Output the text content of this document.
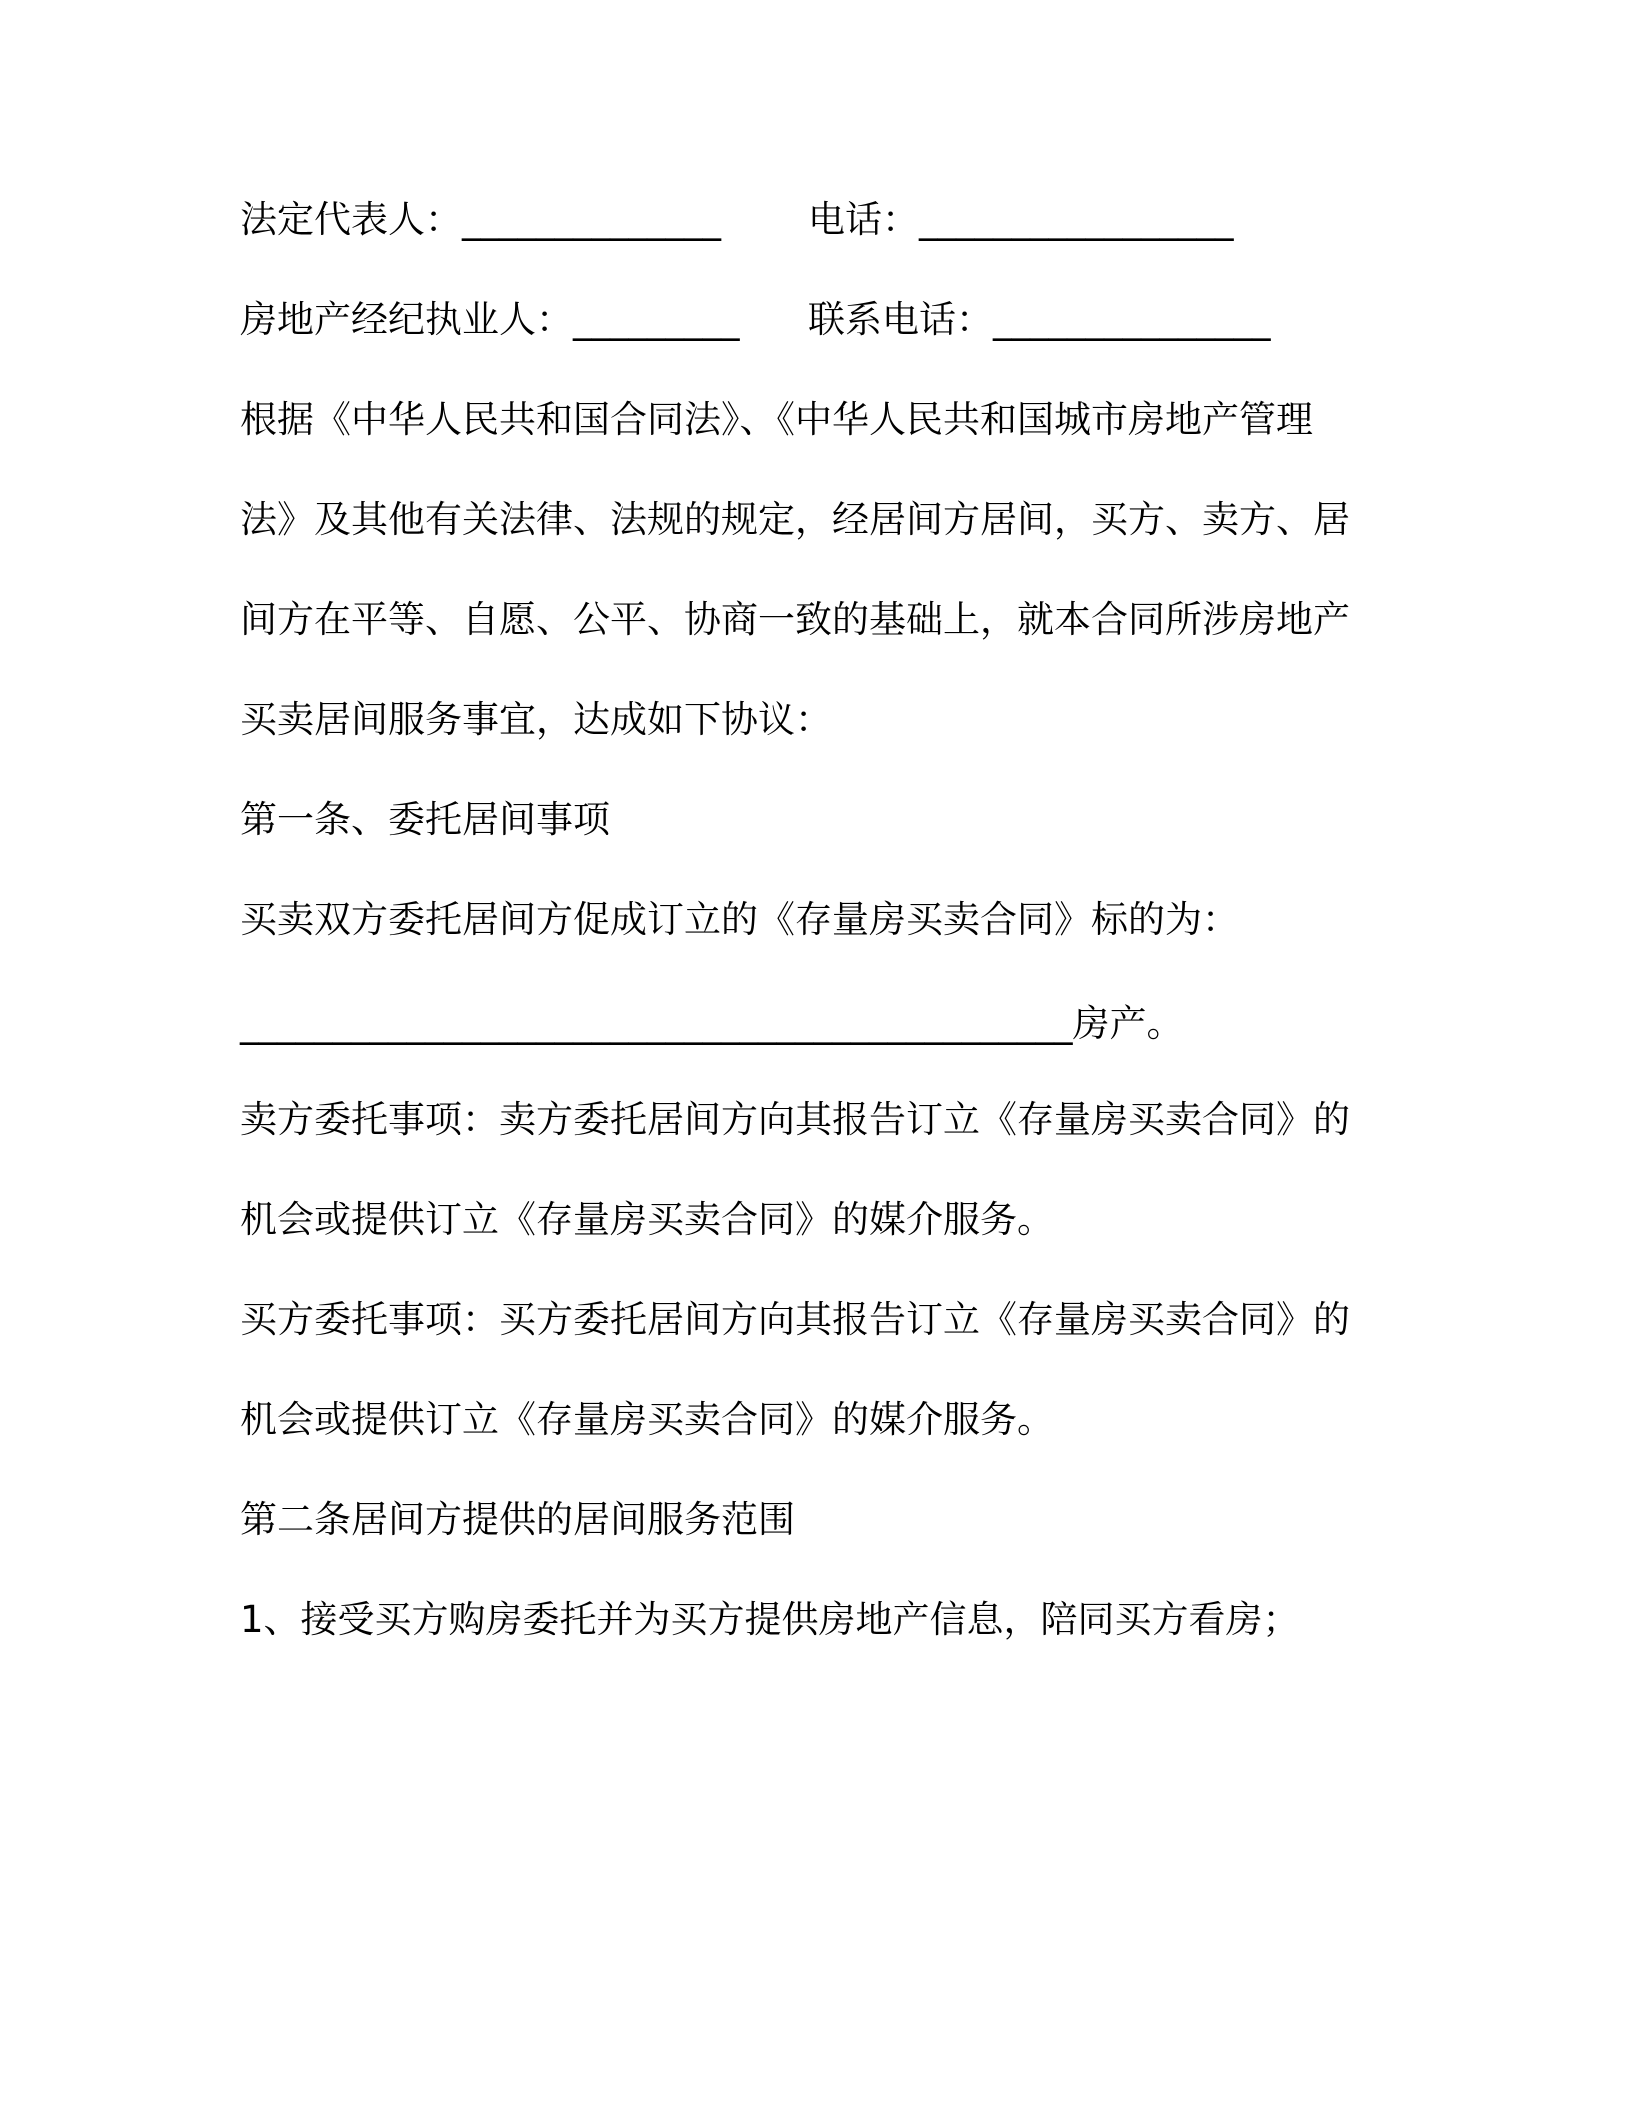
法定代表人：______________ 电话：_________________
房地产经纪执业人：_________ 联系电话：_______________
根据《中华人民共和国合同法》、《中华人民共和国城市房地产管理
法》及其他有关法律、法规的规定，经居间方居间，买方、卖方、居
间方在平等、自愿、公平、协商一致的基础上，就本合同所涉房地产
买卖居间服务事宜，达成如下协议：
第一条、委托居间事项
买卖双方委托居间方促成订立的《存量房买卖合同》标的为：
_____________________________________________房产。
卖方委托事项：卖方委托居间方向其报告订立《存量房买卖合同》的
机会或提供订立《存量房买卖合同》的媒介服务。
买方委托事项：买方委托居间方向其报告订立《存量房买卖合同》的
机会或提供订立《存量房买卖合同》的媒介服务。
第二条居间方提供的居间服务范围
1、接受买方购房委托并为买方提供房地产信息，陪同买方看房；
